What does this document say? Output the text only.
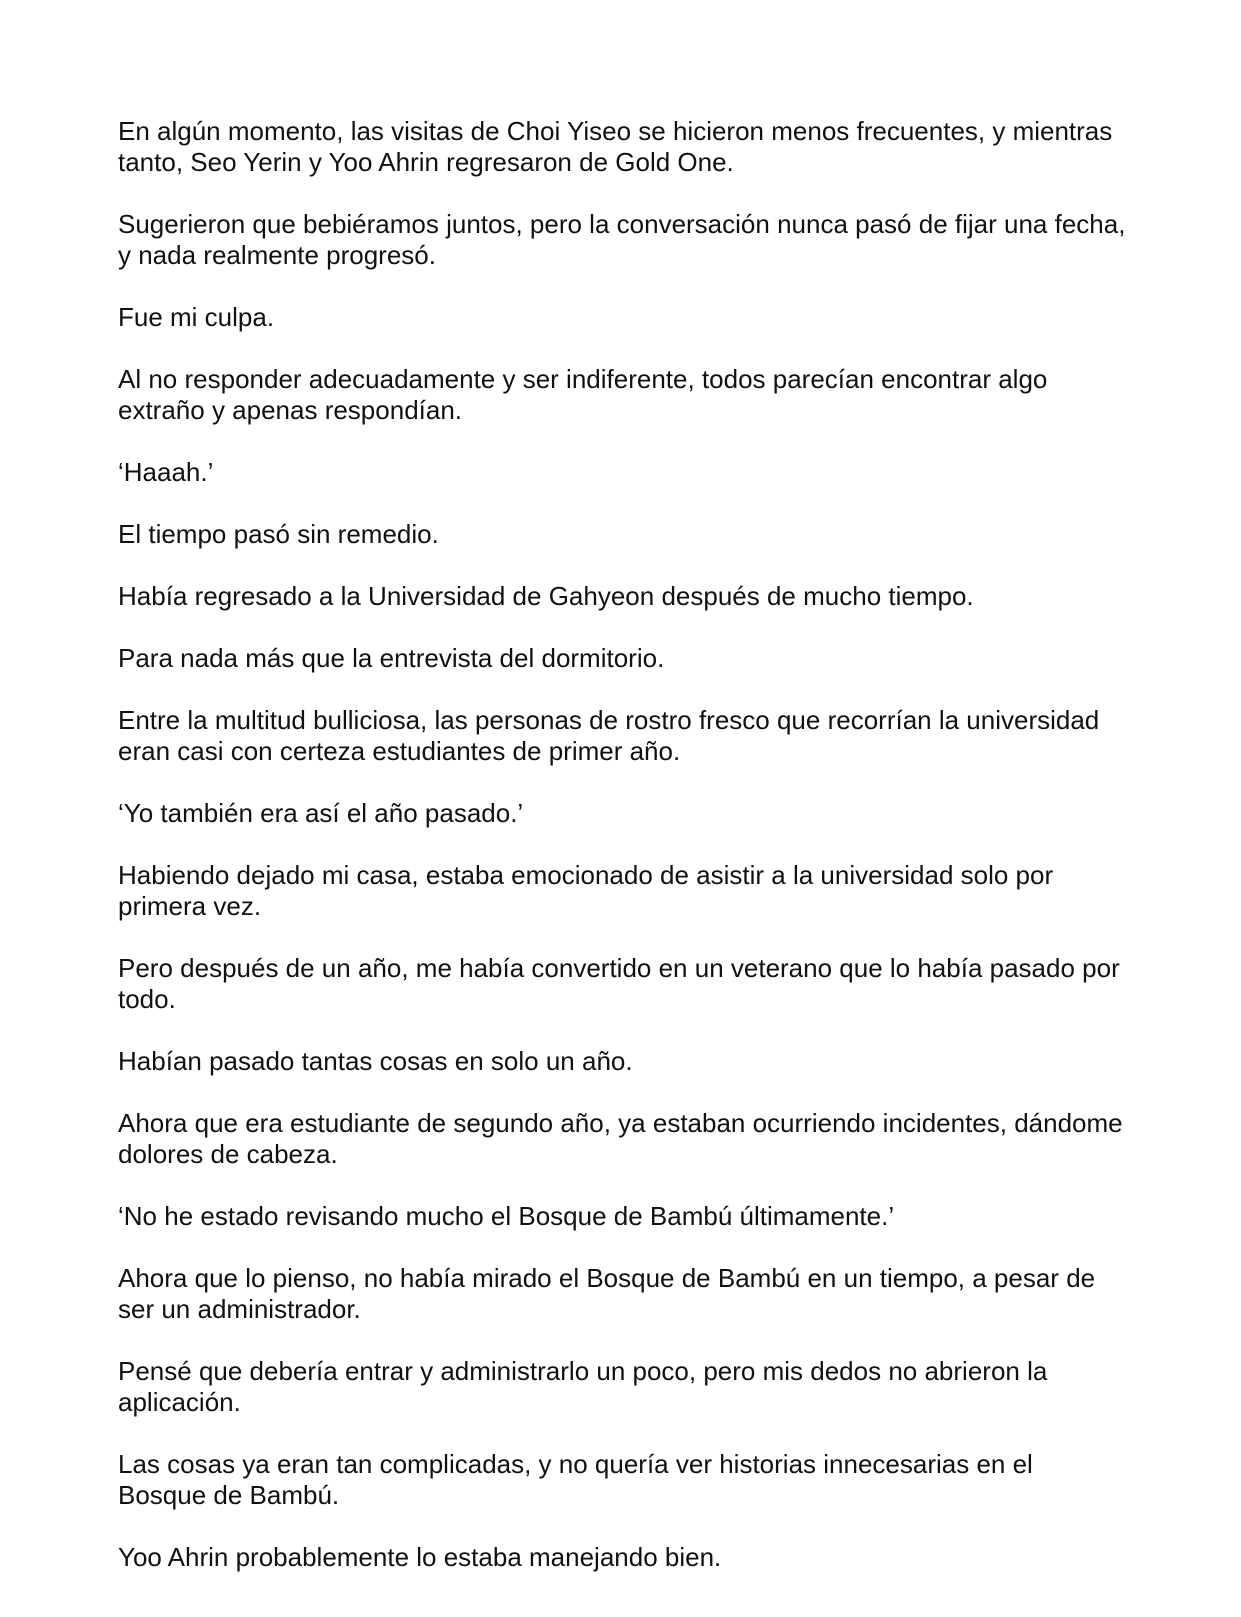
En algún momento, las visitas de Choi Yiseo se hicieron menos frecuentes, y mientras tanto, Seo Yerin y Yoo Ahrin regresaron de Gold One.

Sugerieron que bebiéramos juntos, pero la conversación nunca pasó de fijar una fecha, y nada realmente progresó.

Fue mi culpa.

Al no responder adecuadamente y ser indiferente, todos parecían encontrar algo extraño y apenas respondían.

‘Haaah.’

El tiempo pasó sin remedio.

Había regresado a la Universidad de Gahyeon después de mucho tiempo.

Para nada más que la entrevista del dormitorio.

Entre la multitud bulliciosa, las personas de rostro fresco que recorrían la universidad eran casi con certeza estudiantes de primer año.

‘Yo también era así el año pasado.’

Habiendo dejado mi casa, estaba emocionado de asistir a la universidad solo por primera vez.

Pero después de un año, me había convertido en un veterano que lo había pasado por todo.

Habían pasado tantas cosas en solo un año.

Ahora que era estudiante de segundo año, ya estaban ocurriendo incidentes, dándome dolores de cabeza.

‘No he estado revisando mucho el Bosque de Bambú últimamente.’

Ahora que lo pienso, no había mirado el Bosque de Bambú en un tiempo, a pesar de ser un administrador.

Pensé que debería entrar y administrarlo un poco, pero mis dedos no abrieron la aplicación.

Las cosas ya eran tan complicadas, y no quería ver historias innecesarias en el Bosque de Bambú.

Yoo Ahrin probablemente lo estaba manejando bien.
